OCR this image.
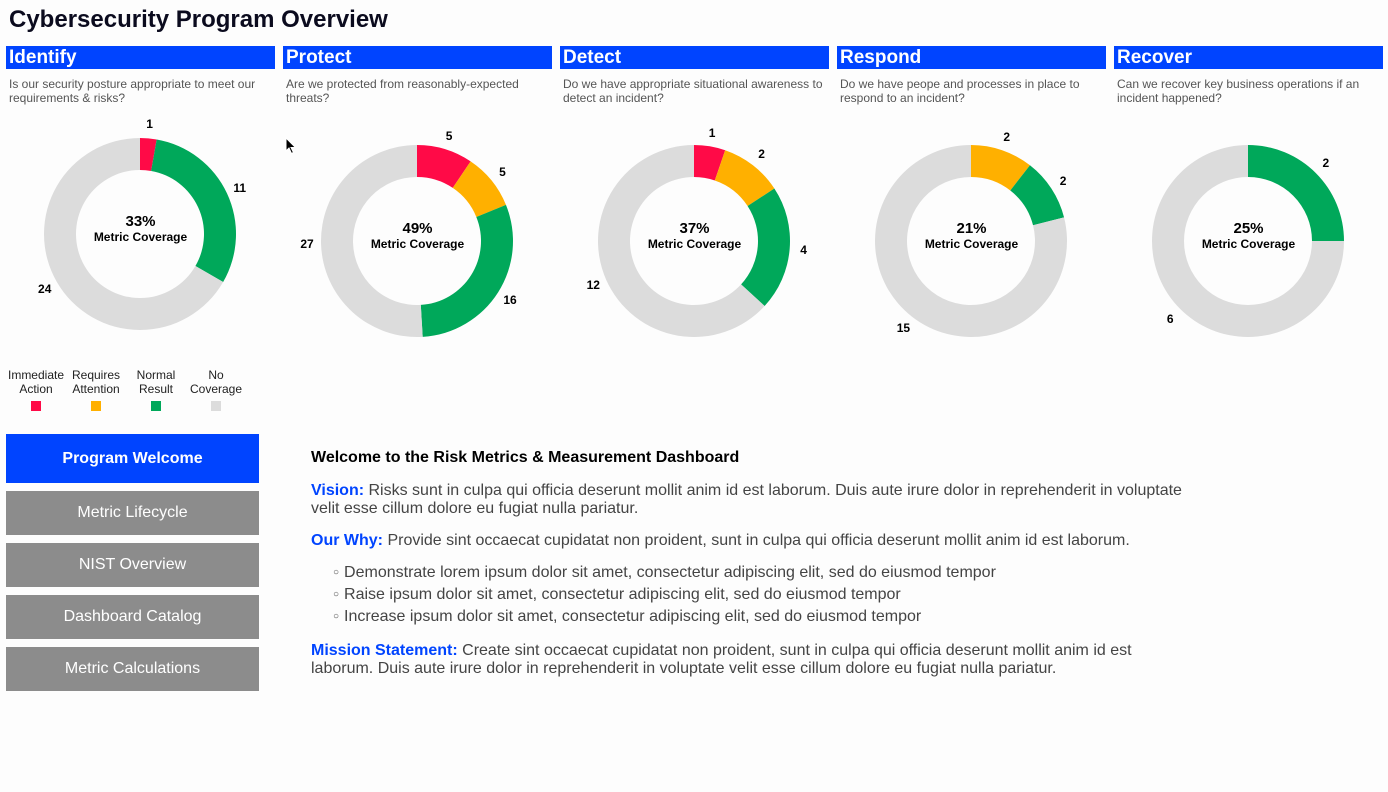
Cybersecurity Program Overview
Identify
Is our security posture appropriate to meet our requirements & risks?
33%
Metric Coverage
1
11
24
Protect
Are we protected from reasonably-expected threats?
49%
Metric Coverage
5
5
16
27
Detect
Do we have appropriate situational awareness to detect an incident?
37%
Metric Coverage
1
2
4
12
Respond
Do we have peope and processes in place to respond to an incident?
21%
Metric Coverage
2
2
15
Recover
Can we recover key business operations if an incident happened?
25%
Metric Coverage
2
6
Immediate Action
Requires Attention
Normal Result
No Coverage
Program Welcome
Metric Lifecycle
NIST Overview
Dashboard Catalog
Metric Calculations
Welcome to the Risk Metrics & Measurement Dashboard

Vision: Risks sunt in culpa qui officia deserunt mollit anim id est laborum. Duis aute irure dolor in reprehenderit in voluptate velit esse cillum dolore eu fugiat nulla pariatur.

Our Why: Provide sint occaecat cupidatat non proident, sunt in culpa qui officia deserunt mollit anim id est laborum.

○ Demonstrate lorem ipsum dolor sit amet, consectetur adipiscing elit, sed do eiusmod tempor
○ Raise ipsum dolor sit amet, consectetur adipiscing elit, sed do eiusmod tempor
○ Increase ipsum dolor sit amet, consectetur adipiscing elit, sed do eiusmod tempor

Mission Statement: Create sint occaecat cupidatat non proident, sunt in culpa qui officia deserunt mollit anim id est laborum. Duis aute irure dolor in reprehenderit in voluptate velit esse cillum dolore eu fugiat nulla pariatur.
